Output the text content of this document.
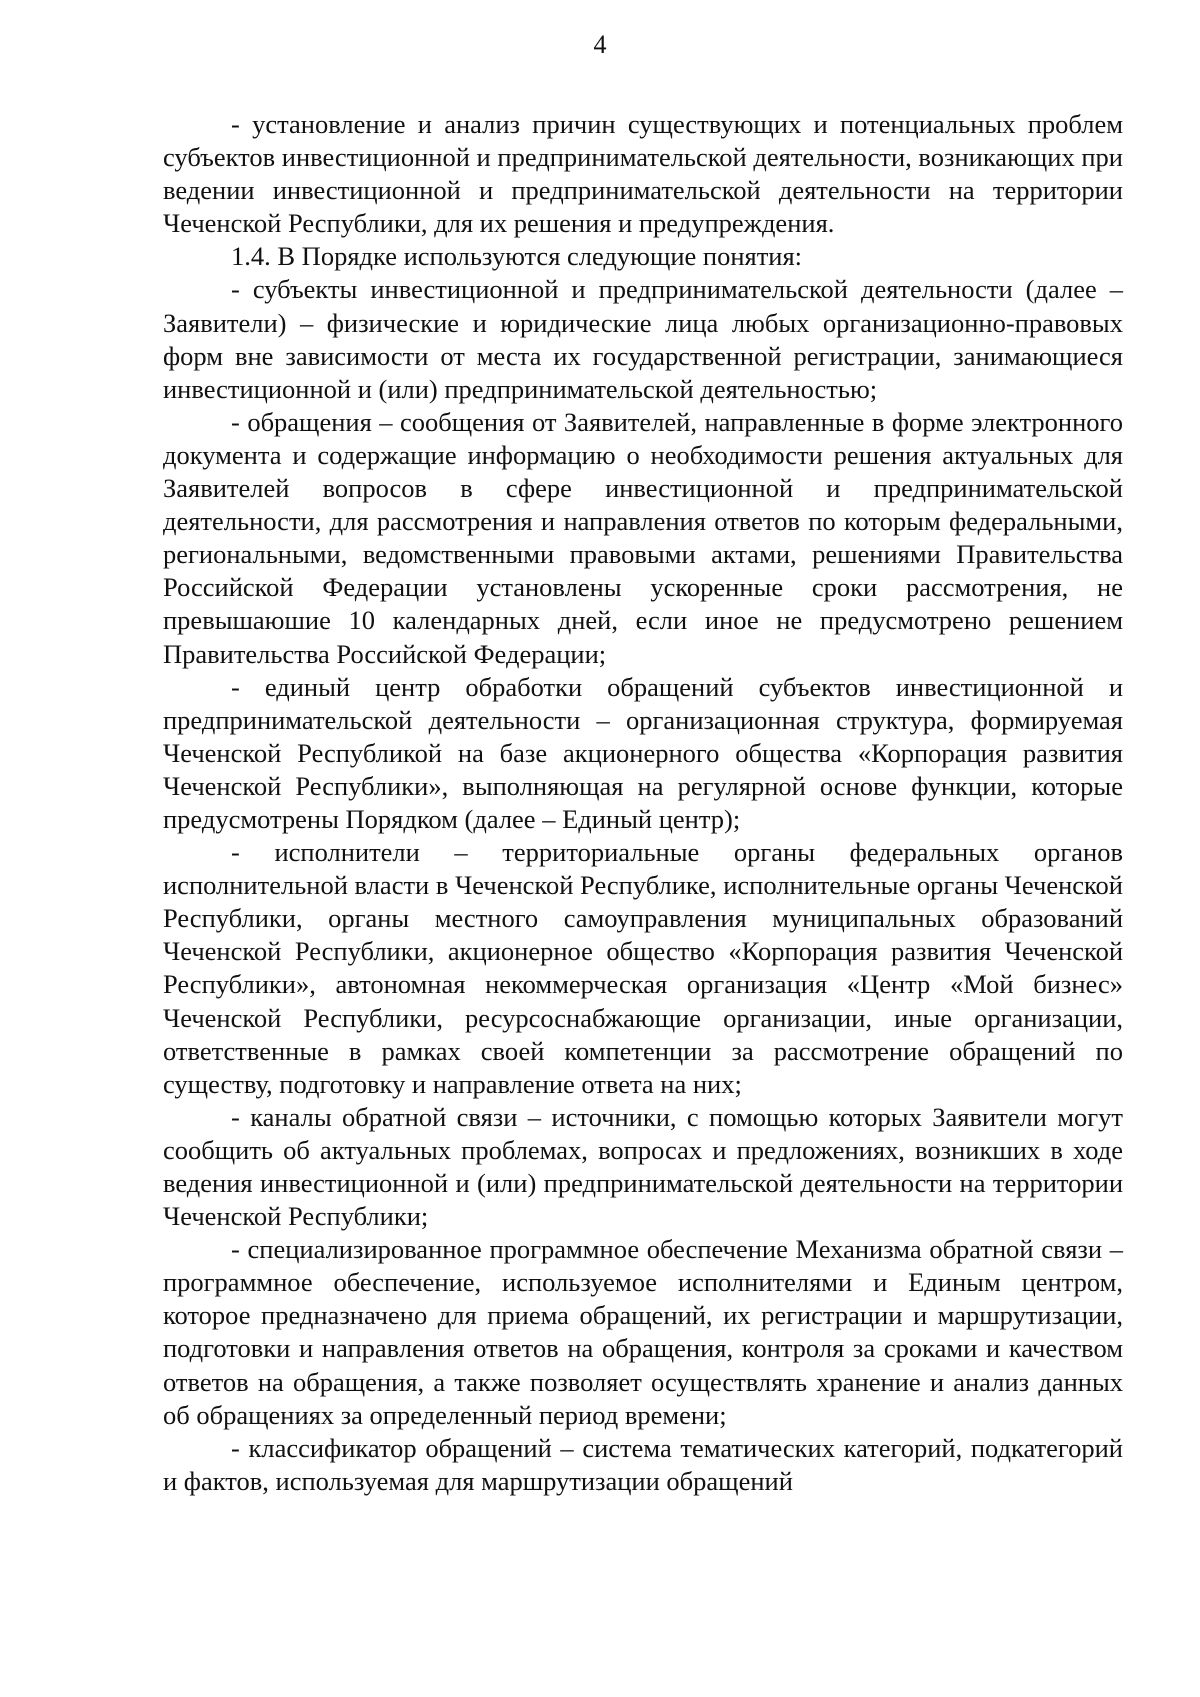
4

- установление и анализ причин существующих и потенциальных проблем субъектов инвестиционной и предпринимательской деятельности, возникающих при ведении инвестиционной и предпринимательской деятельности на территории Чеченской Республики, для их решения и предупреждения.

1.4. В Порядке используются следующие понятия:

- субъекты инвестиционной и предпринимательской деятельности (далее – Заявители) – физические и юридические лица любых организационно-правовых форм вне зависимости от места их государственной регистрации, занимающиеся инвестиционной и (или) предпринимательской деятельностью;

- обращения – сообщения от Заявителей, направленные в форме электронного документа и содержащие информацию о необходимости решения актуальных для Заявителей вопросов в сфере инвестиционной и предпринимательской деятельности, для рассмотрения и направления ответов по которым федеральными, региональными, ведомственными правовыми актами, решениями Правительства Российской Федерации установлены ускоренные сроки рассмотрения, не превышаюшие 10 календарных дней, если иное не предусмотрено решением Правительства Российской Федерации;

- единый центр обработки обращений субъектов инвестиционной и предпринимательской деятельности – организационная структура, формируемая Чеченской Республикой на базе акционерного общества «Корпорация развития Чеченской Республики», выполняющая на регулярной основе функции, которые предусмотрены Порядком (далее – Единый центр);

- исполнители – территориальные органы федеральных органов исполнительной власти в Чеченской Республике, исполнительные органы Чеченской Республики, органы местного самоуправления муниципальных образований Чеченской Республики, акционерное общество «Корпорация развития Чеченской Республики», автономная некоммерческая организация «Центр «Мой бизнес» Чеченской Республики, ресурсоснабжающие организации, иные организации, ответственные в рамках своей компетенции за рассмотрение обращений по существу, подготовку и направление ответа на них;

- каналы обратной связи – источники, с помощью которых Заявители могут сообщить об актуальных проблемах, вопросах и предложениях, возникших в ходе ведения инвестиционной и (или) предпринимательской деятельности на территории Чеченской Республики;

- специализированное программное обеспечение Механизма обратной связи – программное обеспечение, используемое исполнителями и Единым центром, которое предназначено для приема обращений, их регистрации и маршрутизации, подготовки и направления ответов на обращения, контроля за сроками и качеством ответов на обращения, а также позволяет осуществлять хранение и анализ данных об обращениях за определенный период времени;

- классификатор обращений – система тематических категорий, подкатегорий и фактов, используемая для маршрутизации обращений
